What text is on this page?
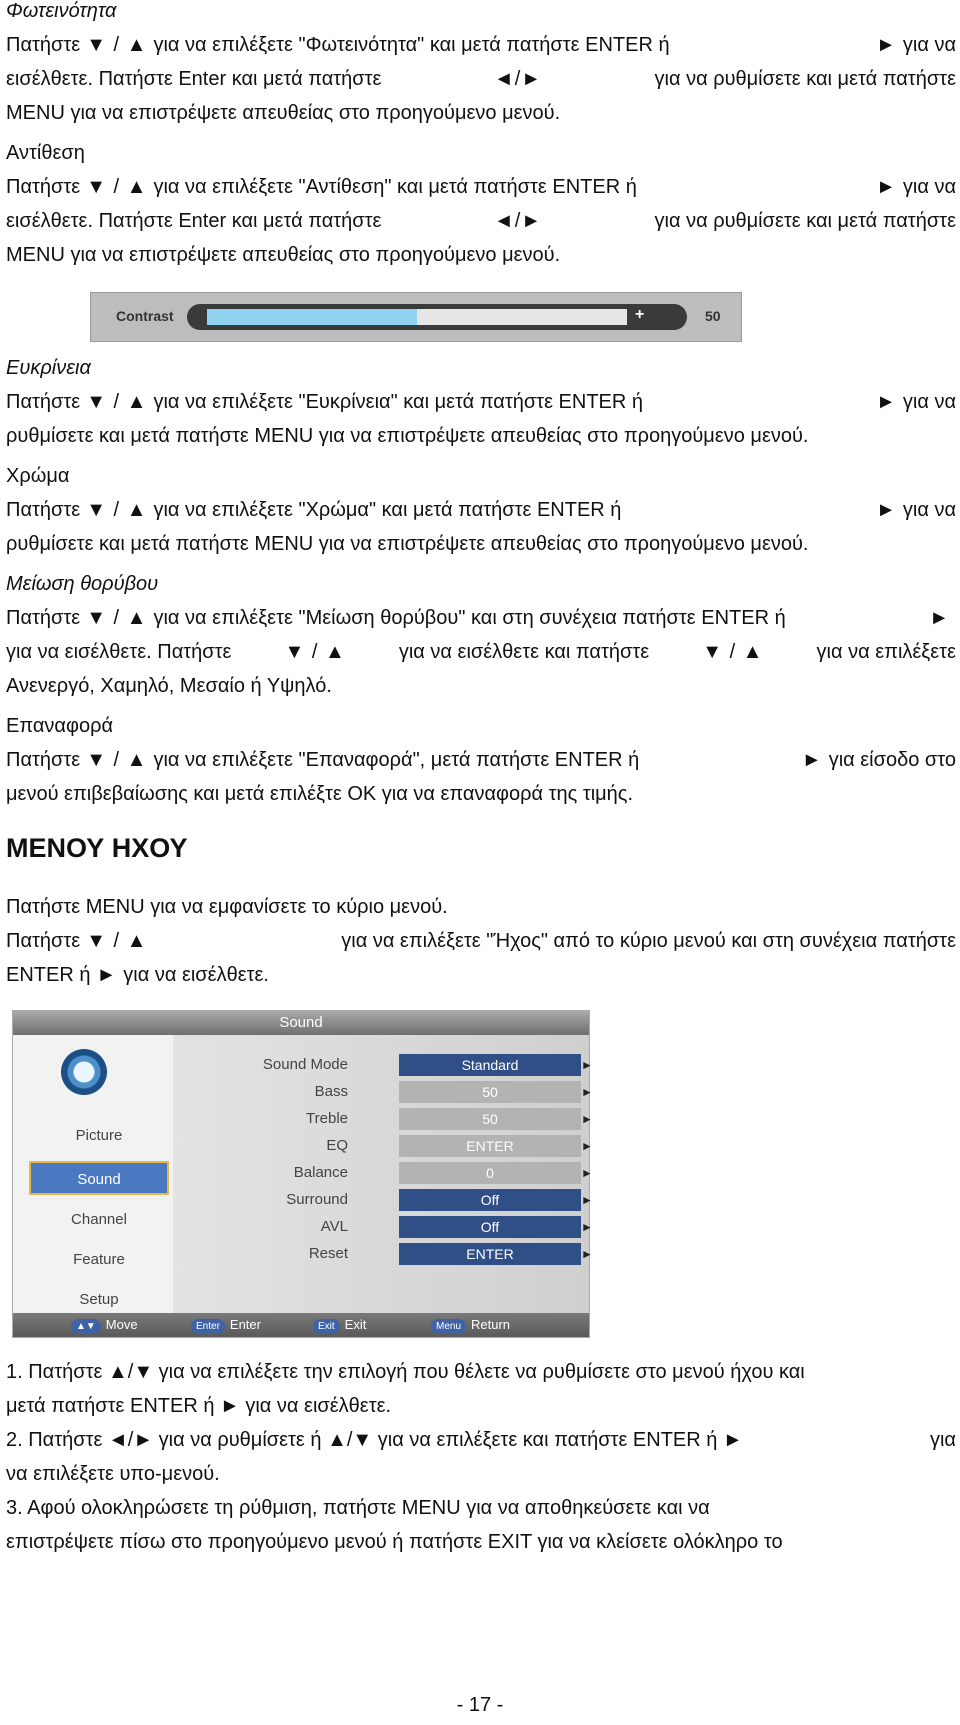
Φωτεινότητα
Πατήστε ▼ / ▲ για να επιλέξετε "Φωτεινότητα" και μετά πατήστε ENTER ή	► για να
εισέλθετε. Πατήστε Enter και μετά πατήστε	◄/►	για να ρυθμίσετε και μετά πατήστε
MENU για να επιστρέψετε απευθείας στο προηγούμενο μενού.
Αντίθεση
Πατήστε ▼ / ▲ για να επιλέξετε "Αντίθεση" και μετά πατήστε ENTER ή	► για να
εισέλθετε. Πατήστε Enter και μετά πατήστε	◄/►	για να ρυθμίσετε και μετά πατήστε
MENU για να επιστρέψετε απευθείας στο προηγούμενο μενού.
Contrast	+	50
Ευκρίνεια
Πατήστε ▼ / ▲ για να επιλέξετε "Ευκρίνεια" και μετά πατήστε ENTER ή	► για να
ρυθμίσετε και μετά πατήστε MENU για να επιστρέψετε απευθείας στο προηγούμενο μενού.
Χρώμα
Πατήστε ▼ / ▲ για να επιλέξετε "Χρώμα" και μετά πατήστε ENTER ή	► για να
ρυθμίσετε και μετά πατήστε MENU για να επιστρέψετε απευθείας στο προηγούμενο μενού.
Μείωση θορύβου
Πατήστε ▼ / ▲ για να επιλέξετε "Μείωση θορύβου" και στη συνέχεια πατήστε ENTER ή	►
για να εισέλθετε. Πατήστε	▼ / ▲	για να εισέλθετε και πατήστε	▼ / ▲	για να επιλέξετε
Ανενεργό, Χαμηλό, Μεσαίο ή Υψηλό.
Επαναφορά
Πατήστε ▼ / ▲ για να επιλέξετε "Επαναφορά", μετά πατήστε ENTER ή	► για είσοδο στο
μενού επιβεβαίωσης και μετά επιλέξτε OK για να επαναφορά της τιμής.
ΜΕΝΟΥ ΗΧΟΥ
Πατήστε MENU για να εμφανίσετε το κύριο μενού.
Πατήστε ▼ / ▲	για να επιλέξετε "Ήχος" από το κύριο μενού και στη συνέχεια πατήστε
ENTER ή ► για να εισέλθετε.
Sound
Picture
Sound
Channel
Feature
Setup
Sound Mode	Standard	►
Bass	50	►
Treble	50	►
EQ	ENTER	►
Balance	0	►
Surround	Off	►
AVL	Off	►
Reset	ENTER	►
▲▼ Move	Enter Enter	Exit Exit	Menu Return
1. Πατήστε ▲/▼ για να επιλέξετε την επιλογή που θέλετε να ρυθμίσετε στο μενού ήχου και
μετά πατήστε ENTER ή ► για να εισέλθετε.
2. Πατήστε ◄/► για να ρυθμίσετε ή ▲/▼ για να επιλέξετε και πατήστε ENTER ή ►	για
να επιλέξετε υπο-μενού.
3. Αφού ολοκληρώσετε τη ρύθμιση, πατήστε MENU για να αποθηκεύσετε και να
επιστρέψετε πίσω στο προηγούμενο μενού ή πατήστε EXIT για να κλείσετε ολόκληρο το
- 17 -
